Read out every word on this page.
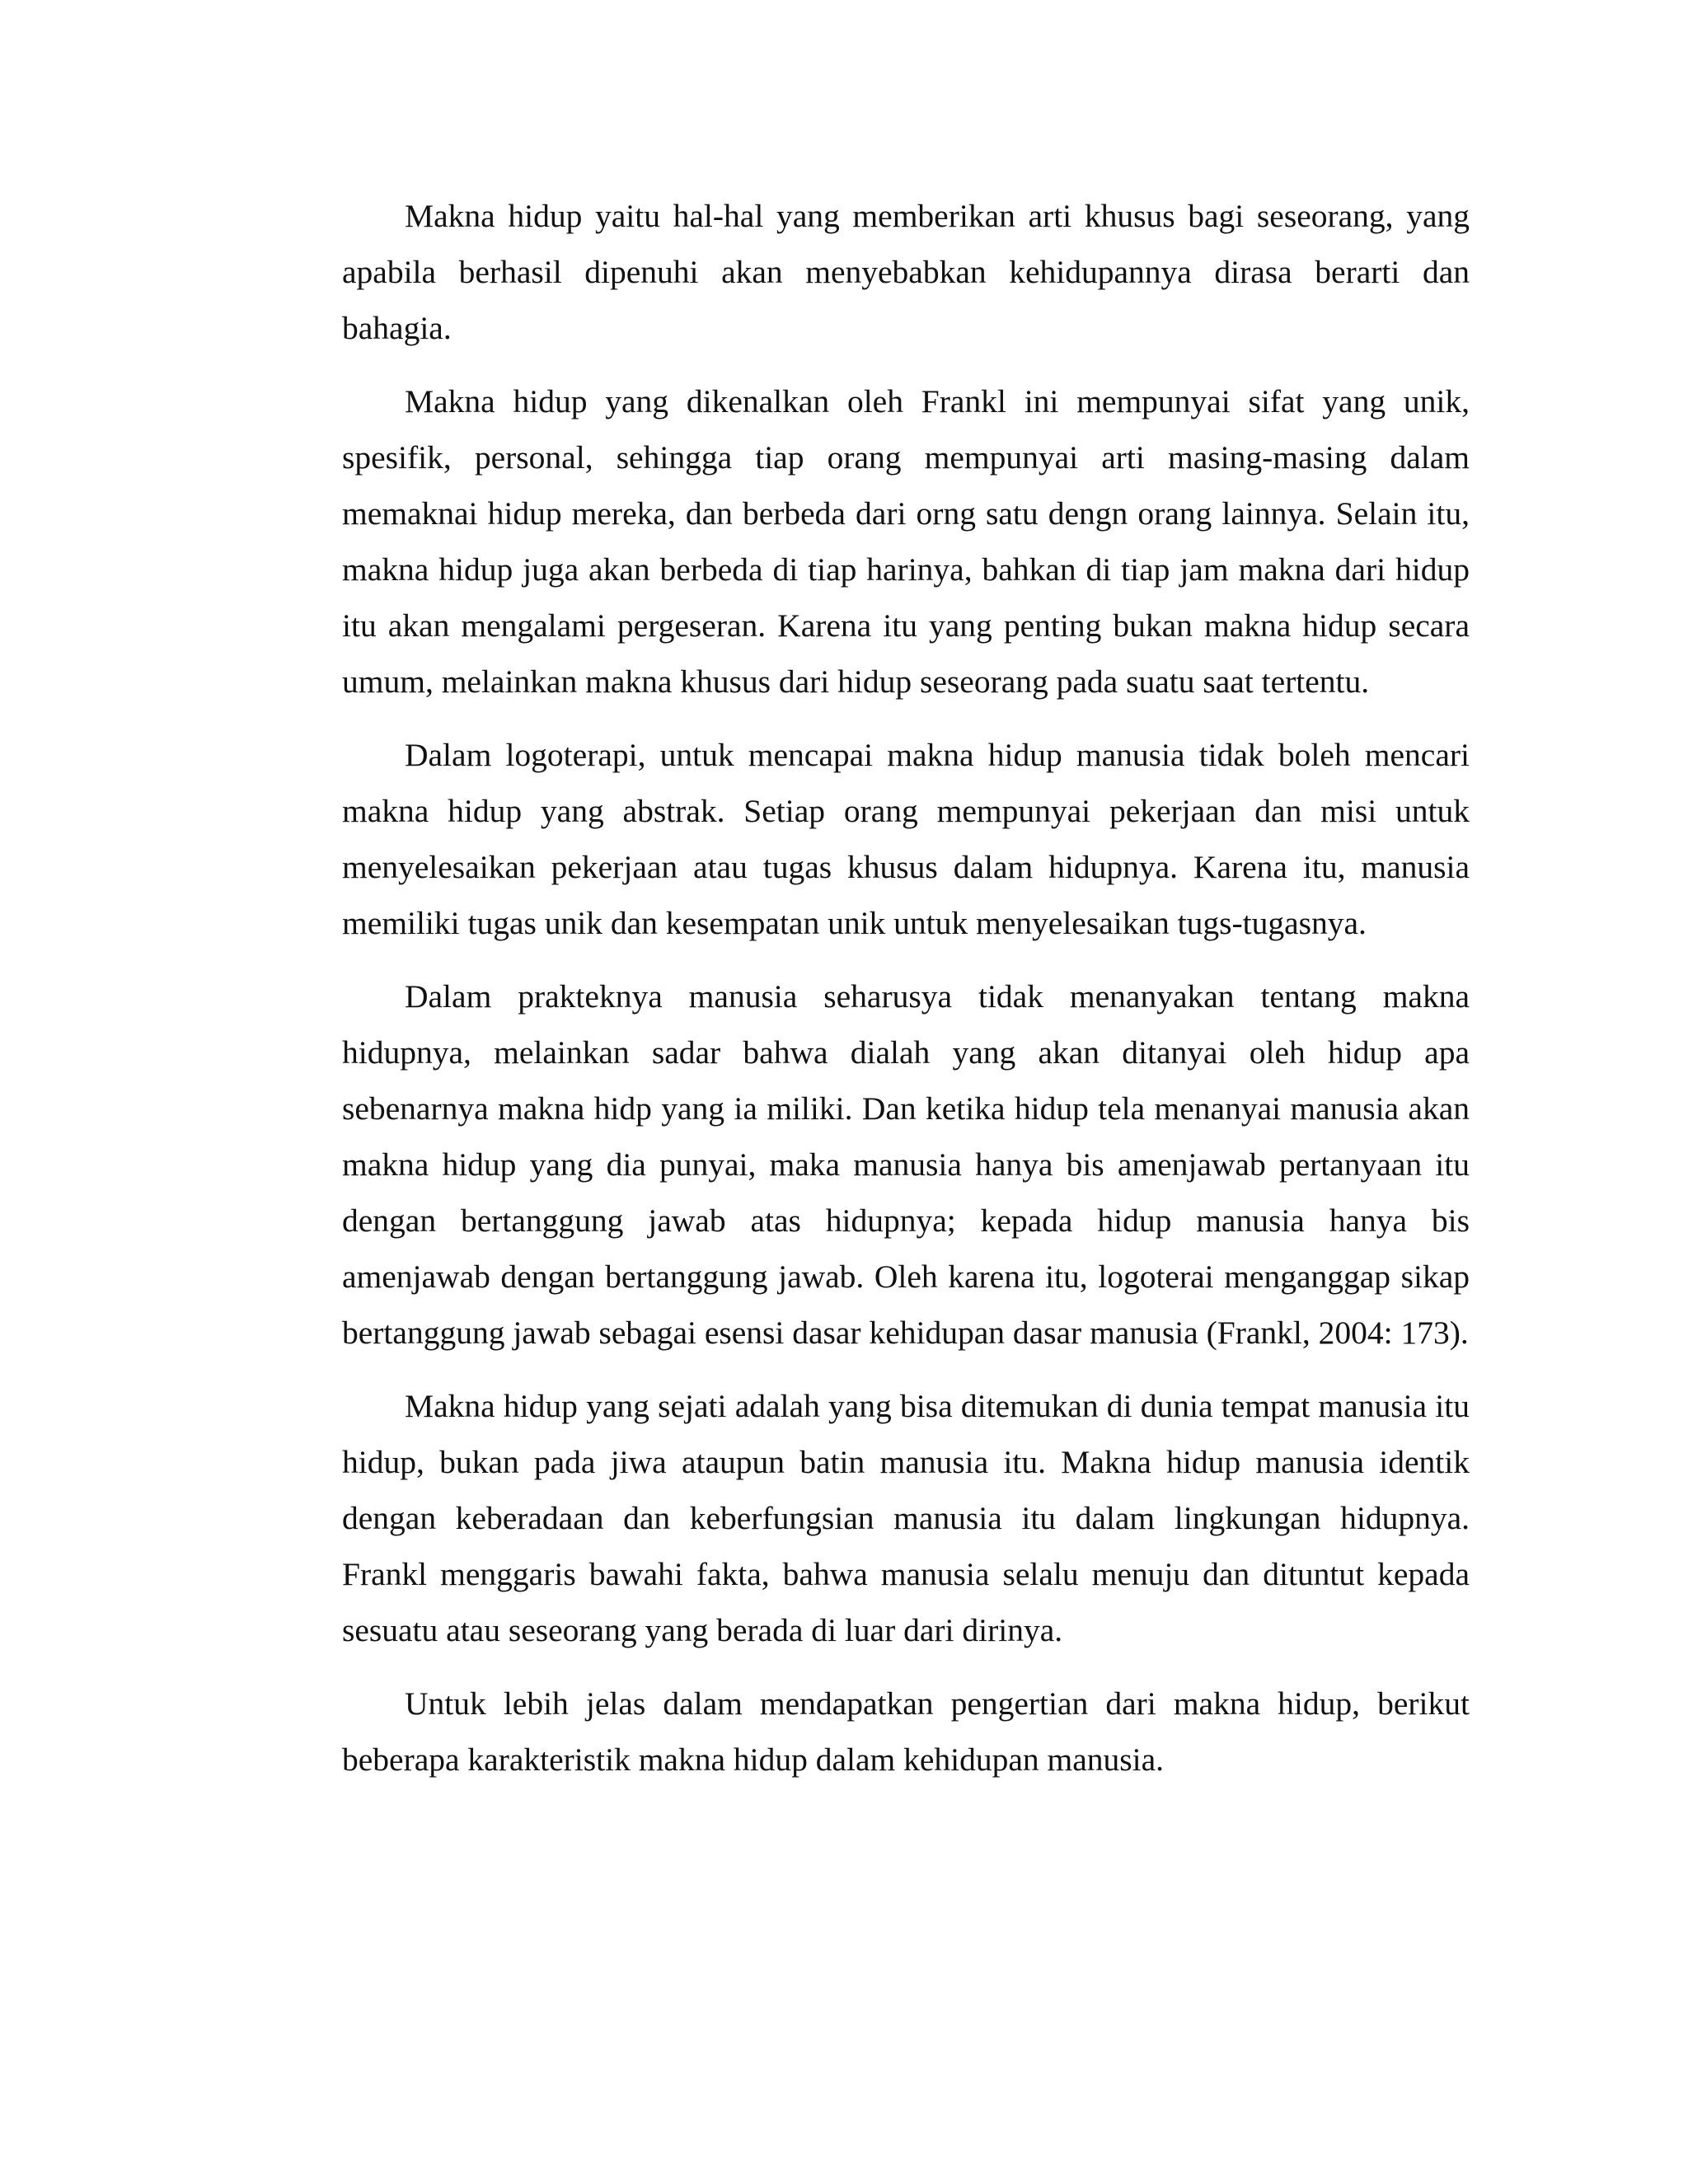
Makna hidup yaitu hal-hal yang memberikan arti khusus bagi seseorang, yang apabila berhasil dipenuhi akan menyebabkan kehidupannya dirasa berarti dan bahagia.

Makna hidup yang dikenalkan oleh Frankl ini mempunyai sifat yang unik, spesifik, personal, sehingga tiap orang mempunyai arti masing-masing dalam memaknai hidup mereka, dan berbeda dari orng satu dengn orang lainnya. Selain itu, makna hidup juga akan berbeda di tiap harinya, bahkan di tiap jam makna dari hidup itu akan mengalami pergeseran. Karena itu yang penting bukan makna hidup secara umum, melainkan makna khusus dari hidup seseorang pada suatu saat tertentu.

Dalam logoterapi, untuk mencapai makna hidup manusia tidak boleh mencari makna hidup yang abstrak. Setiap orang mempunyai pekerjaan dan misi untuk menyelesaikan pekerjaan atau tugas khusus dalam hidupnya. Karena itu, manusia memiliki tugas unik dan kesempatan unik untuk menyelesaikan tugs-tugasnya.

Dalam prakteknya manusia seharusya tidak menanyakan tentang makna hidupnya, melainkan sadar bahwa dialah yang akan ditanyai oleh hidup apa sebenarnya makna hidp yang ia miliki. Dan ketika hidup tela menanyai manusia akan makna hidup yang dia punyai, maka manusia hanya bis amenjawab pertanyaan itu dengan bertanggung jawab atas hidupnya; kepada hidup manusia hanya bis amenjawab dengan bertanggung jawab. Oleh karena itu, logoterai menganggap sikap bertanggung jawab sebagai esensi dasar kehidupan dasar manusia (Frankl, 2004: 173).

Makna hidup yang sejati adalah yang bisa ditemukan di dunia tempat manusia itu hidup, bukan pada jiwa ataupun batin manusia itu. Makna hidup manusia identik dengan keberadaan dan keberfungsian manusia itu dalam lingkungan hidupnya. Frankl menggaris bawahi fakta, bahwa manusia selalu menuju dan dituntut kepada sesuatu atau seseorang yang berada di luar dari dirinya.

Untuk lebih jelas dalam mendapatkan pengertian dari makna hidup, berikut beberapa karakteristik makna hidup dalam kehidupan manusia.
